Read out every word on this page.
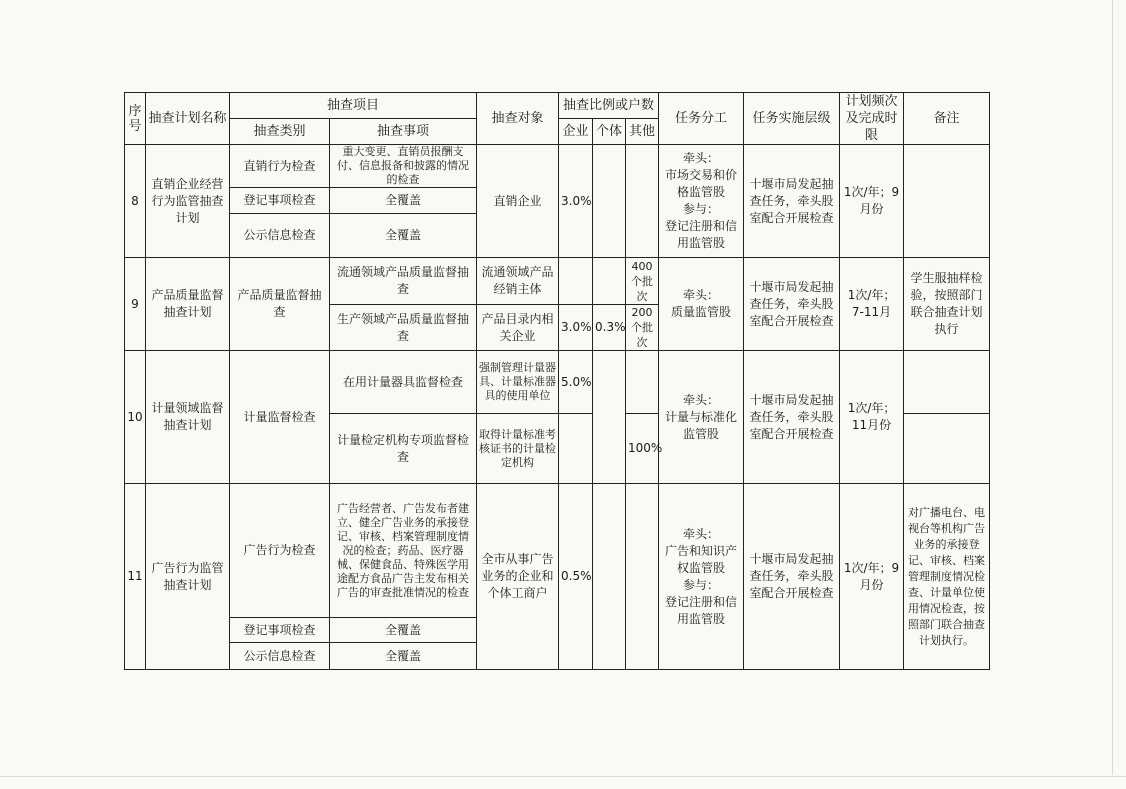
序号	抽查计划名称	抽查项目		抽查对象	抽查比例或户数			任务分工	任务实施层级	计划频次及完成时限	备注
		抽查类别	抽查事项		企业	个体	其他				
8	直销企业经营行为监管抽查计划	直销行为检查	重大变更、直销员报酬支付、信息报备和披露的情况的检查	直销企业	3.0%			牵头：
市场交易和价格监管股
参与：
登记注册和信用监管股	十堰市局发起抽查任务，牵头股室配合开展检查	1次/年；9月份	
		登记事项检查	全覆盖								
		公示信息检查	全覆盖								
9	产品质量监督抽查计划	产品质量监督抽查	流通领域产品质量监督抽查	流通领域产品经销主体			400个批次	牵头：
质量监管股	十堰市局发起抽查任务，牵头股室配合开展检查	1次/年；7-11月	学生服抽样检验，按照部门联合抽查计划执行
			生产领域产品质量监督抽查	产品目录内相关企业	3.0%	0.3%	200个批次				
10	计量领域监督抽查计划	计量监督检查	在用计量器具监督检查	强制管理计量器具、计量标准器具的使用单位	5.0%			牵头：
计量与标准化监管股	十堰市局发起抽查任务，牵头股室配合开展检查	1次/年；11月份	
			计量检定机构专项监督检查	取得计量标准考核证书的计量检定机构			100%				
11	广告行为监管抽查计划	广告行为检查	广告经营者、广告发布者建立、健全广告业务的承接登记、审核、档案管理制度情况的检查；药品、医疗器械、保健食品、特殊医学用途配方食品广告主发布相关广告的审查批准情况的检查	全市从事广告业务的企业和个体工商户	0.5%			牵头：
广告和知识产权监管股
参与：
登记注册和信用监管股	十堰市局发起抽查任务，牵头股室配合开展检查	1次/年；9月份	对广播电台、电视台等机构广告业务的承接登记、审核、档案管理制度情况检查、计量单位使用情况检查，按照部门联合抽查计划执行。
		登记事项检查	全覆盖								
		公示信息检查	全覆盖								
